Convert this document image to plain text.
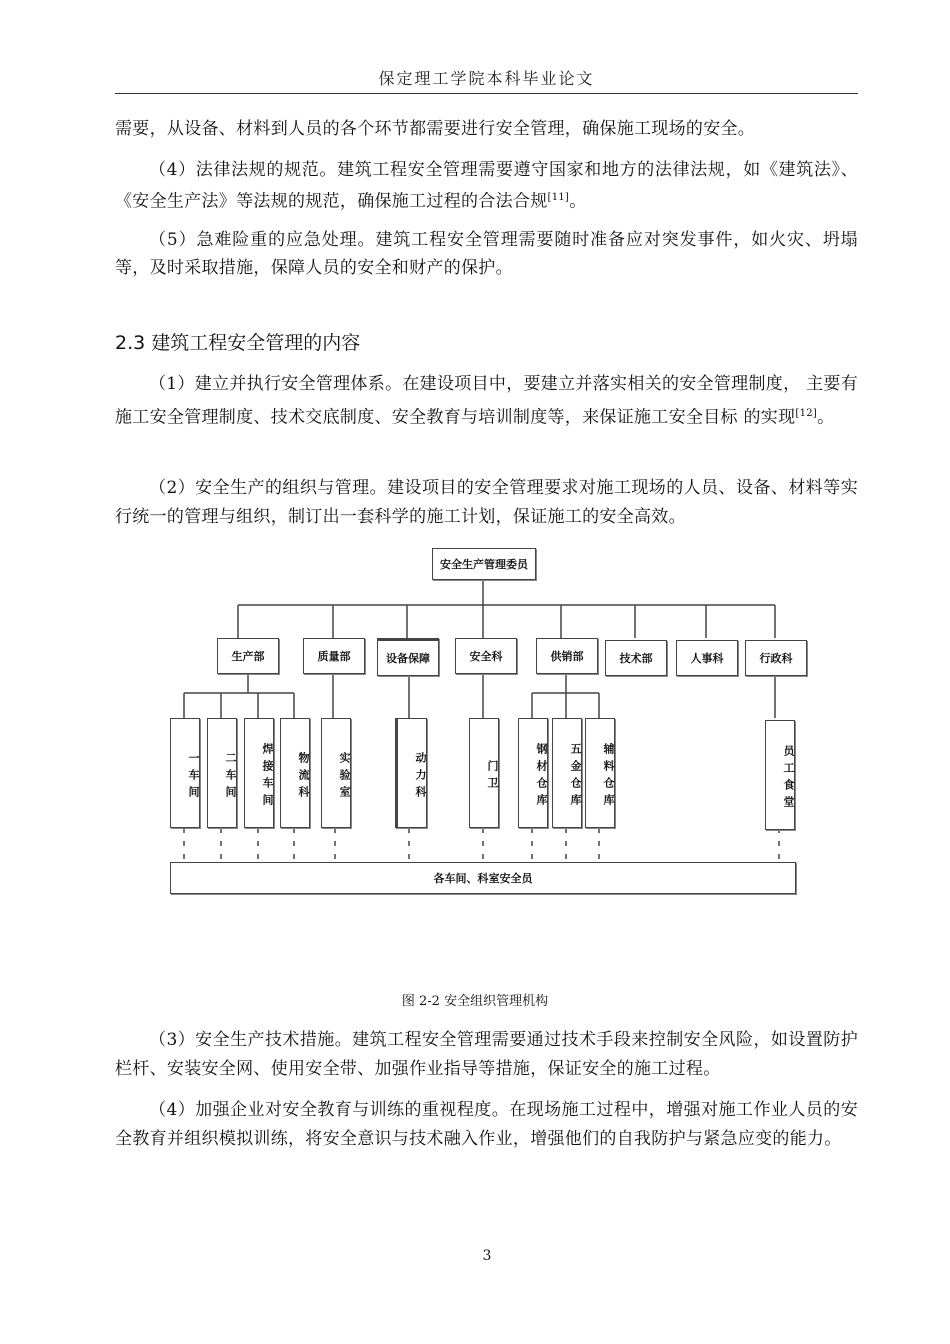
保定理工学院本科毕业论文
需要，从设备、材料到人员的各个环节都需要进行安全管理，确保施工现场的安全。
（4）法律法规的规范。建筑工程安全管理需要遵守国家和地方的法律法规，如《建筑法》、《安全生产法》等法规的规范，确保施工过程的合法合规[11]。
（5）急难险重的应急处理。建筑工程安全管理需要随时准备应对突发事件，如火灾、坍塌等，及时采取措施，保障人员的安全和财产的保护。
2.3 建筑工程安全管理的内容
（1）建立并执行安全管理体系。在建设项目中，要建立并落实相关的安全管理制度， 主要有施工安全管理制度、技术交底制度、安全教育与培训制度等，来保证施工安全目标 的实现[12]。
（2）安全生产的组织与管理。建设项目的安全管理要求对施工现场的人员、设备、材料等实行统一的管理与组织，制订出一套科学的施工计划，保证施工的安全高效。
安全生产管理委员
生产部	质量部	设备保障	安全科	供销部	技术部	人事科	行政科
一车间	二车间	焊接车间	物流科	实验室	动力科	门卫	钢材仓库	五金仓库	辅料仓库	员工食堂
各车间、科室安全员
图 2-2 安全组织管理机构
（3）安全生产技术措施。建筑工程安全管理需要通过技术手段来控制安全风险，如设置防护栏杆、安装安全网、使用安全带、加强作业指导等措施，保证安全的施工过程。
（4）加强企业对安全教育与训练的重视程度。在现场施工过程中，增强对施工作业人员的安全教育并组织模拟训练，将安全意识与技术融入作业，增强他们的自我防护与紧急应变的能力。
3
